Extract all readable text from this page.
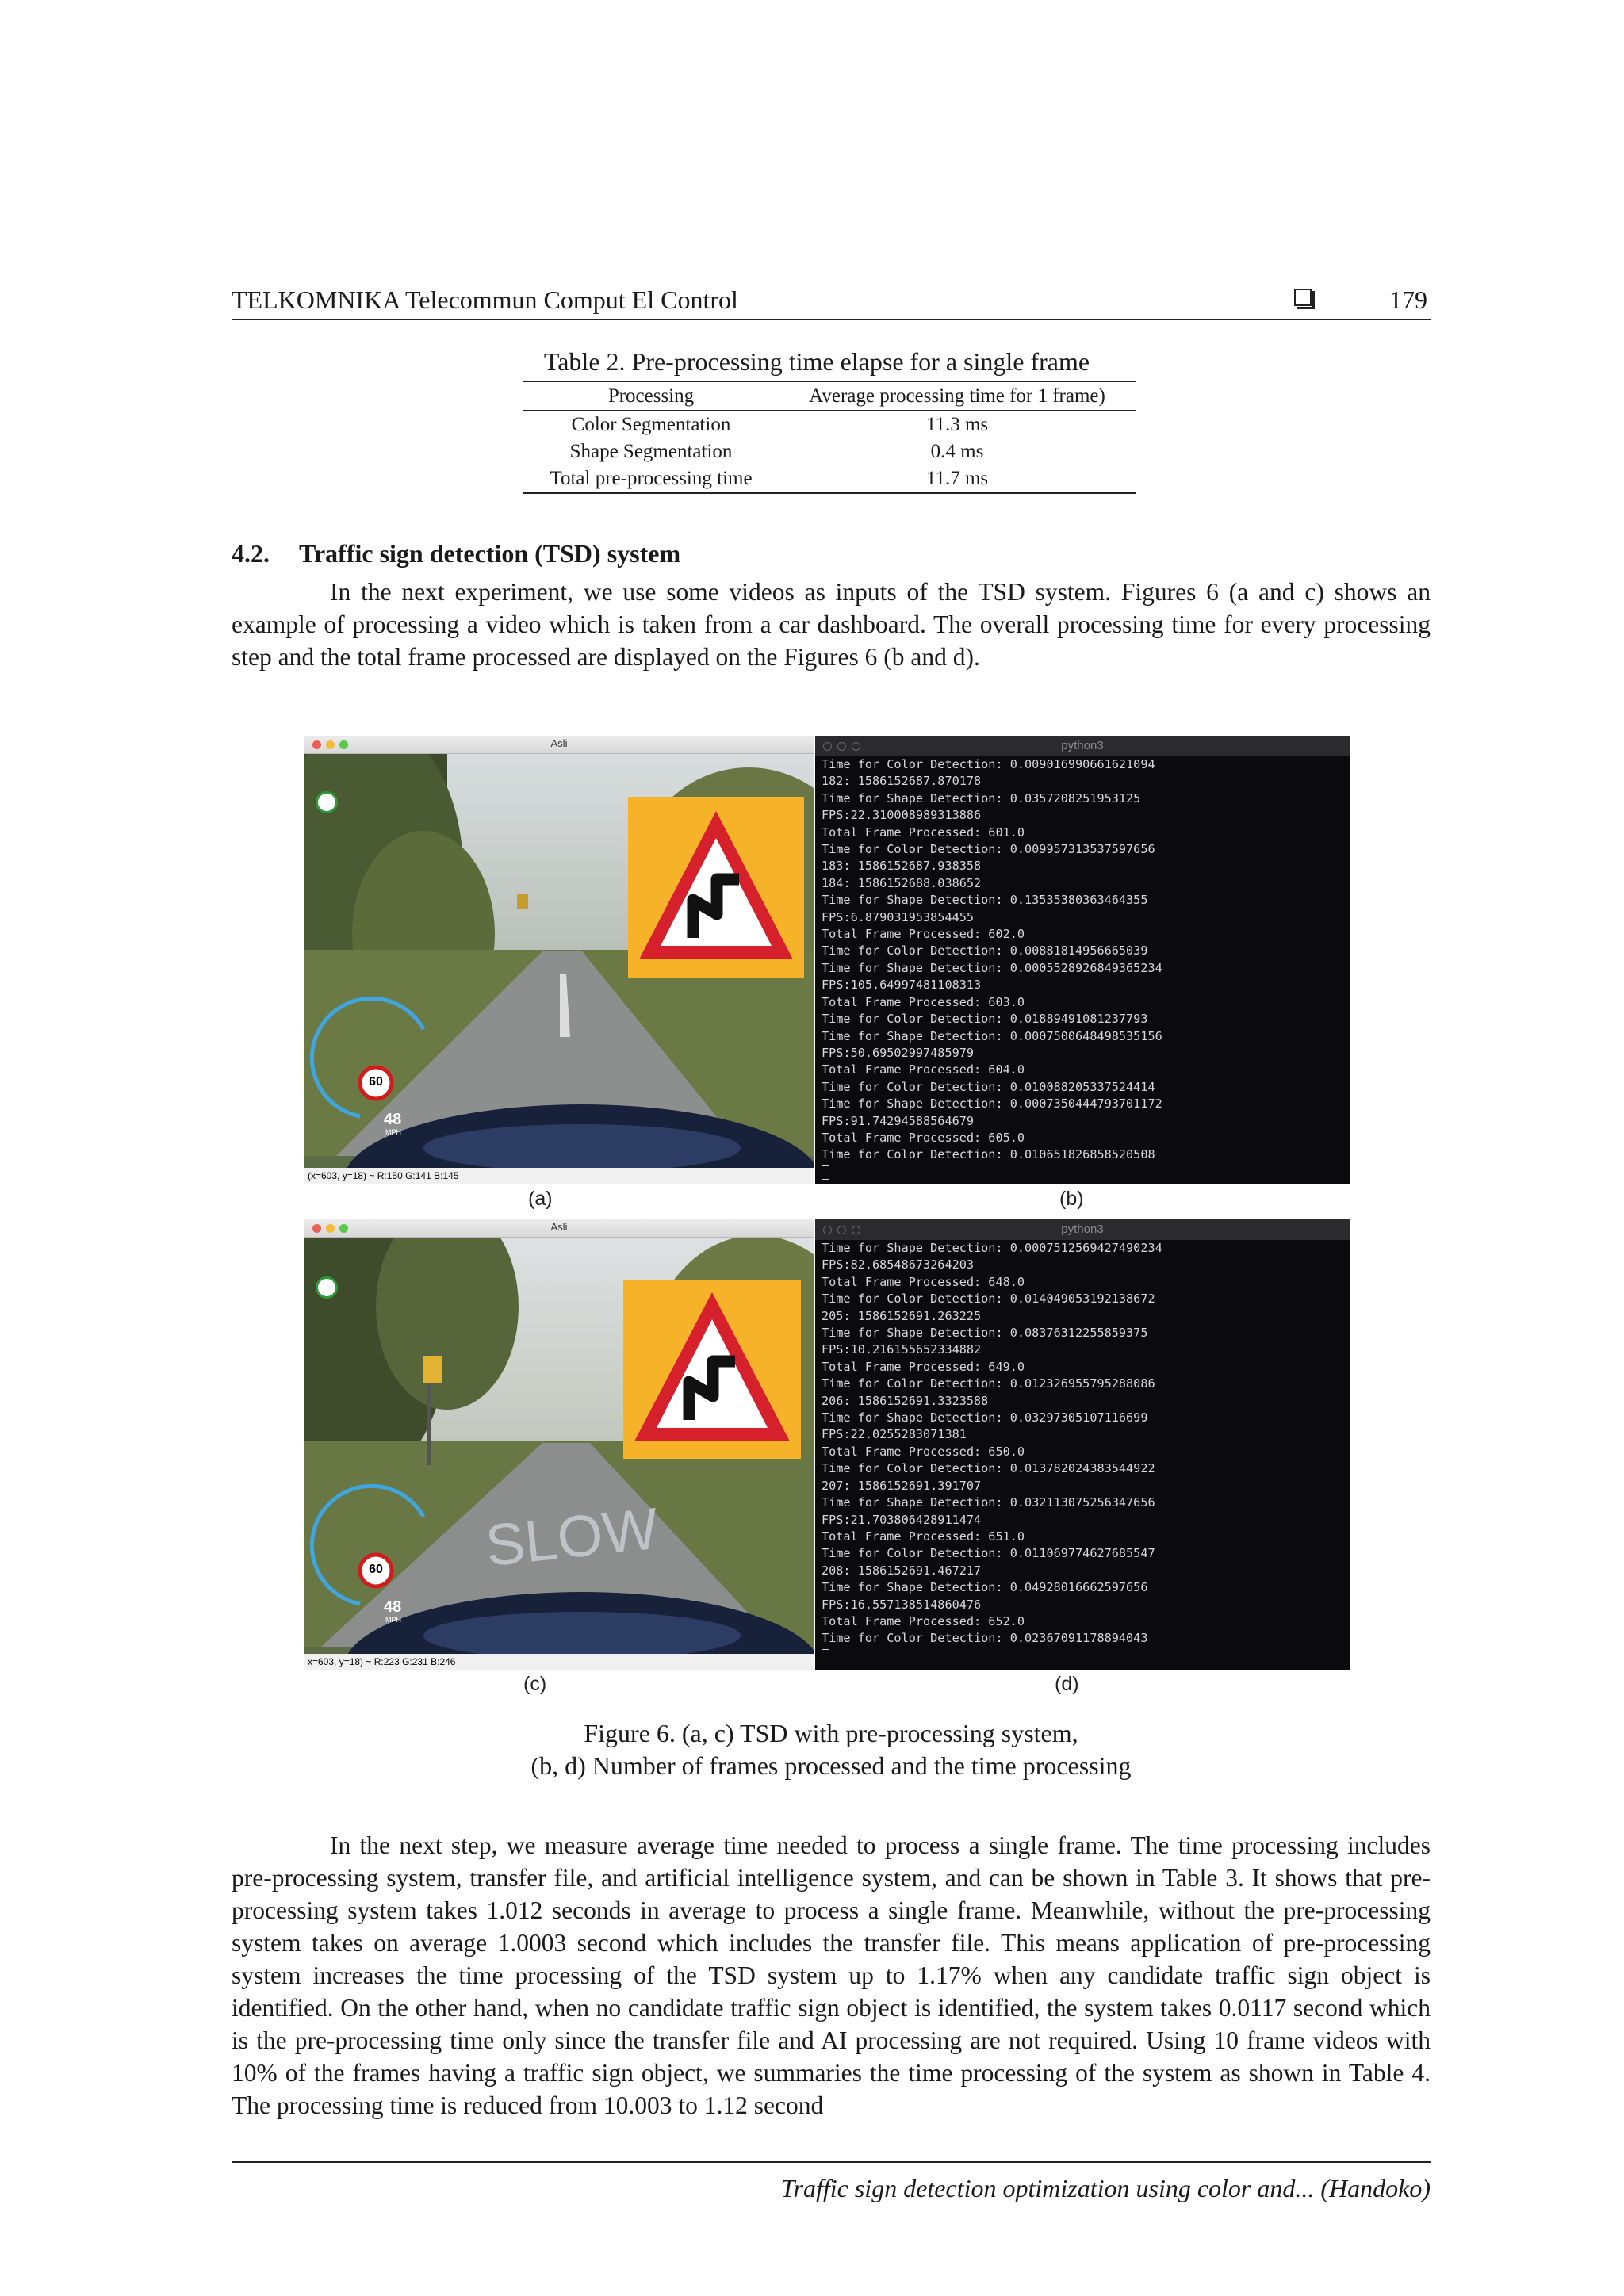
TELKOMNIKA Telecommun Comput El Control	179
Table 2. Pre-processing time elapse for a single frame
Processing	Average processing time for 1 frame)
Color Segmentation	11.3 ms
Shape Segmentation	0.4 ms
Total pre-processing time	11.7 ms
4.2. Traffic sign detection (TSD) system
In the next experiment, we use some videos as inputs of the TSD system. Figures 6 (a and c) shows an example of processing a video which is taken from a car dashboard. The overall processing time for every processing step and the total frame processed are displayed on the Figures 6 (b and d).
Asli
60
48
MPH
(x=603, y=18) ~ R:150 G:141 B:145
(a)
python3
Time for Color Detection: 0.009016990661621094
182: 1586152687.870178
Time for Shape Detection: 0.0357208251953125
FPS:22.310008989313886
Total Frame Processed: 601.0
Time for Color Detection: 0.009957313537597656
183: 1586152687.938358
184: 1586152688.038652
Time for Shape Detection: 0.13535380363464355
FPS:6.879031953854455
Total Frame Processed: 602.0
Time for Color Detection: 0.00881814956665039
Time for Shape Detection: 0.0005528926849365234
FPS:105.64997481108313
Total Frame Processed: 603.0
Time for Color Detection: 0.01889491081237793
Time for Shape Detection: 0.0007500648498535156
FPS:50.69502997485979
Total Frame Processed: 604.0
Time for Color Detection: 0.010088205337524414
Time for Shape Detection: 0.0007350444793701172
FPS:91.7429458856467​9
Total Frame Processed: 605.0
Time for Color Detection: 0.010651826858520508
(b)
SLOW
Asli
60
48
MPH
x=603, y=18) ~ R:223 G:231 B:246
(c)
python3
Time for Shape Detection: 0.0007512569427490234
FPS:82.68548673264203
Total Frame Processed: 648.0
Time for Color Detection: 0.014049053192138672
205: 1586152691.263225
Time for Shape Detection: 0.08376312255859375
FPS:10.216155652334882
Total Frame Processed: 649.0
Time for Color Detection: 0.012326955795288086
206: 1586152691.3323588
Time for Shape Detection: 0.03297305107116699
FPS:22.0255283071381
Total Frame Processed: 650.0
Time for Color Detection: 0.013782024383544922
207: 1586152691.391707
Time for Shape Detection: 0.03211307525634765​6
FPS:21.703806428911474
Total Frame Processed: 651.0
Time for Color Detection: 0.011069774627685547
208: 1586152691.467217
Time for Shape Detection: 0.04928016662597656
FPS:16.557138514860476
Total Frame Processed: 652.0
Time for Color Detection: 0.02367091178894043
(d)
Figure 6. (a, c) TSD with pre-processing system,
(b, d) Number of frames processed and the time processing
In the next step, we measure average time needed to process a single frame. The time processing includes pre-processing system, transfer file, and artificial intelligence system, and can be shown in Table 3. It shows that pre-processing system takes 1.012 seconds in average to process a single frame. Meanwhile, without the pre-processing system takes on average 1.0003 second which includes the transfer file. This means application of pre-processing system increases the time processing of the TSD system up to 1.17% when any candidate traffic sign object is identified. On the other hand, when no candidate traffic sign object is identified, the system takes 0.0117 second which is the pre-processing time only since the transfer file and AI processing are not required. Using 10 frame videos with 10% of the frames having a traffic sign object, we summaries the time processing of the system as shown in Table 4. The processing time is reduced from 10.003 to 1.12 second
Traffic sign detection optimization using color and... (Handoko)
